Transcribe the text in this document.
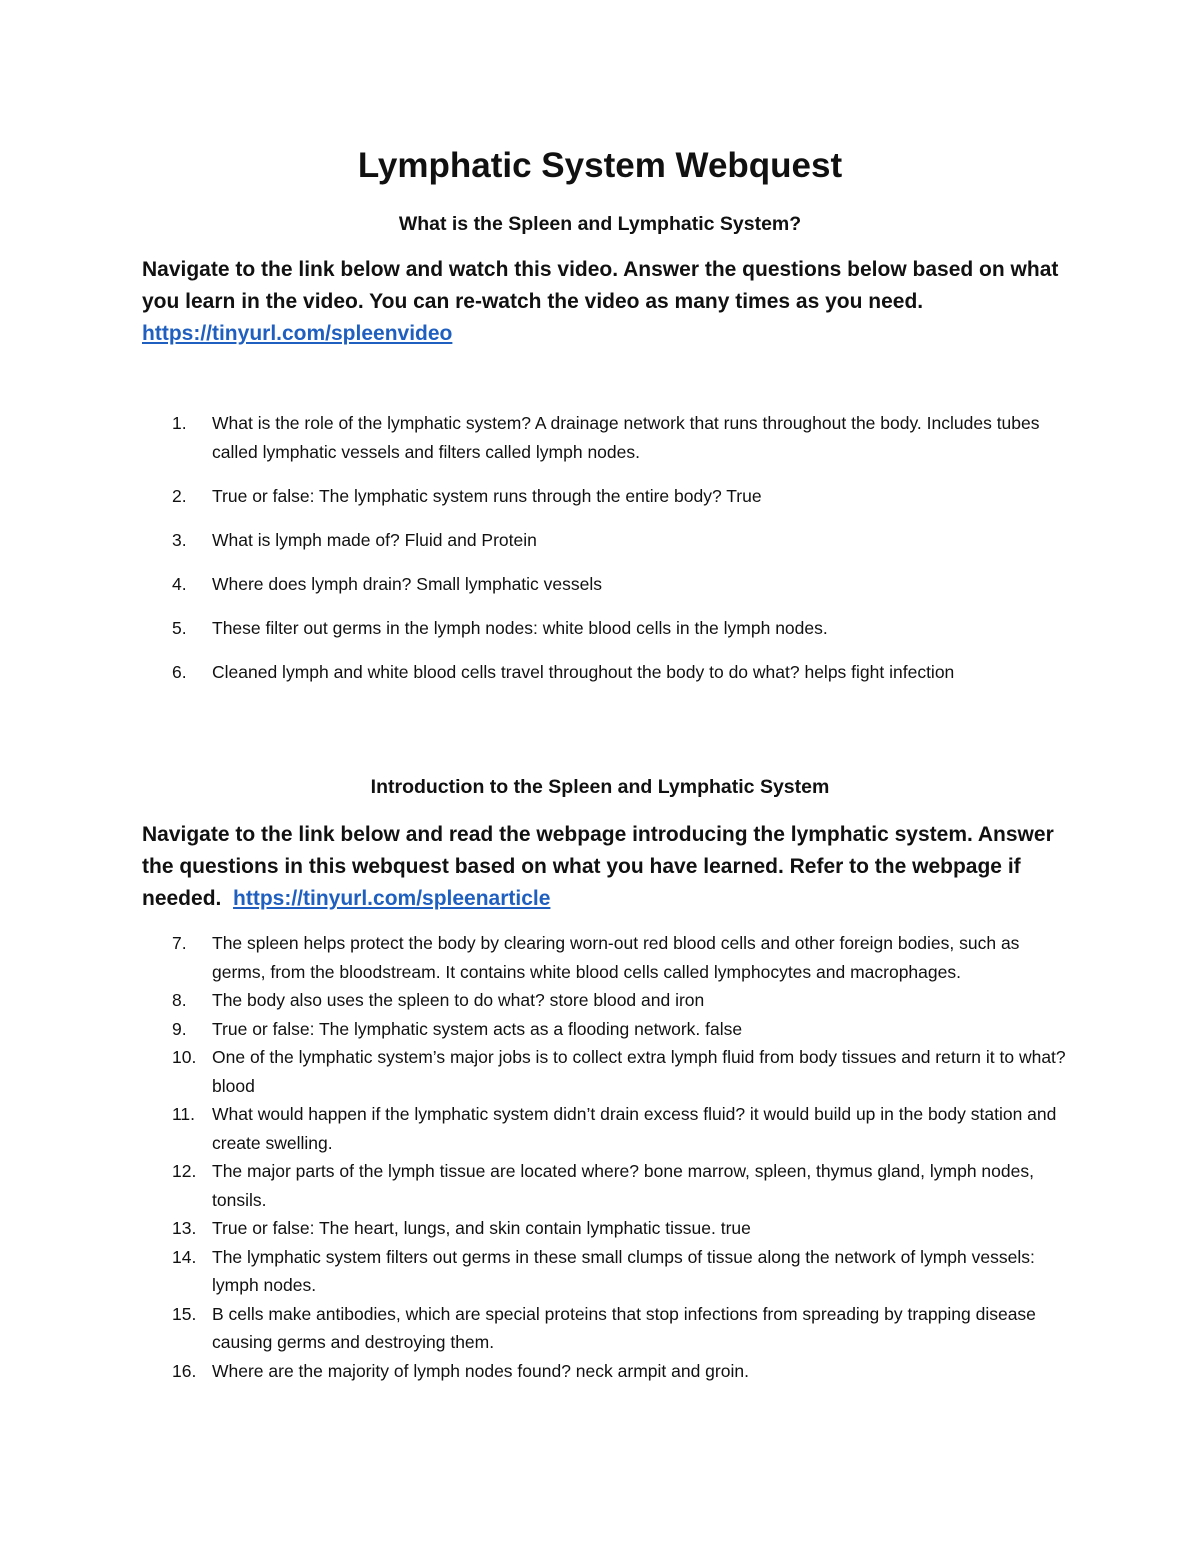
Lymphatic System Webquest
What is the Spleen and Lymphatic System?
Navigate to the link below and watch this video. Answer the questions below based on what
you learn in the video. You can re-watch the video as many times as you need.
https://tinyurl.com/spleenvideo
1.	What is the role of the lymphatic system? A drainage network that runs throughout the body. Includes tubes called lymphatic vessels and filters called lymph nodes.
2.	True or false: The lymphatic system runs through the entire body? True
3.	What is lymph made of? Fluid and Protein
4.	Where does lymph drain? Small lymphatic vessels
5.	These filter out germs in the lymph nodes: white blood cells in the lymph nodes.
6.	Cleaned lymph and white blood cells travel throughout the body to do what? helps fight infection
Introduction to the Spleen and Lymphatic System
Navigate to the link below and read the webpage introducing the lymphatic system. Answer
the questions in this webquest based on what you have learned. Refer to the webpage if
needed. https://tinyurl.com/spleenarticle
7.	The spleen helps protect the body by clearing worn-out red blood cells and other foreign bodies, such as germs, from the bloodstream. It contains white blood cells called lymphocytes and macrophages.
8.	The body also uses the spleen to do what? store blood and iron
9.	True or false: The lymphatic system acts as a flooding network. false
10. One of the lymphatic system’s major jobs is to collect extra lymph fluid from body tissues and return it to what? blood
11. What would happen if the lymphatic system didn’t drain excess fluid? it would build up in the body station and create swelling.
12. The major parts of the lymph tissue are located where? bone marrow, spleen, thymus gland, lymph nodes, tonsils.
13. True or false: The heart, lungs, and skin contain lymphatic tissue. true
14. The lymphatic system filters out germs in these small clumps of tissue along the network of lymph vessels: lymph nodes.
15. B cells make antibodies, which are special proteins that stop infections from spreading by trapping disease causing germs and destroying them.
16. Where are the majority of lymph nodes found? neck armpit and groin.
